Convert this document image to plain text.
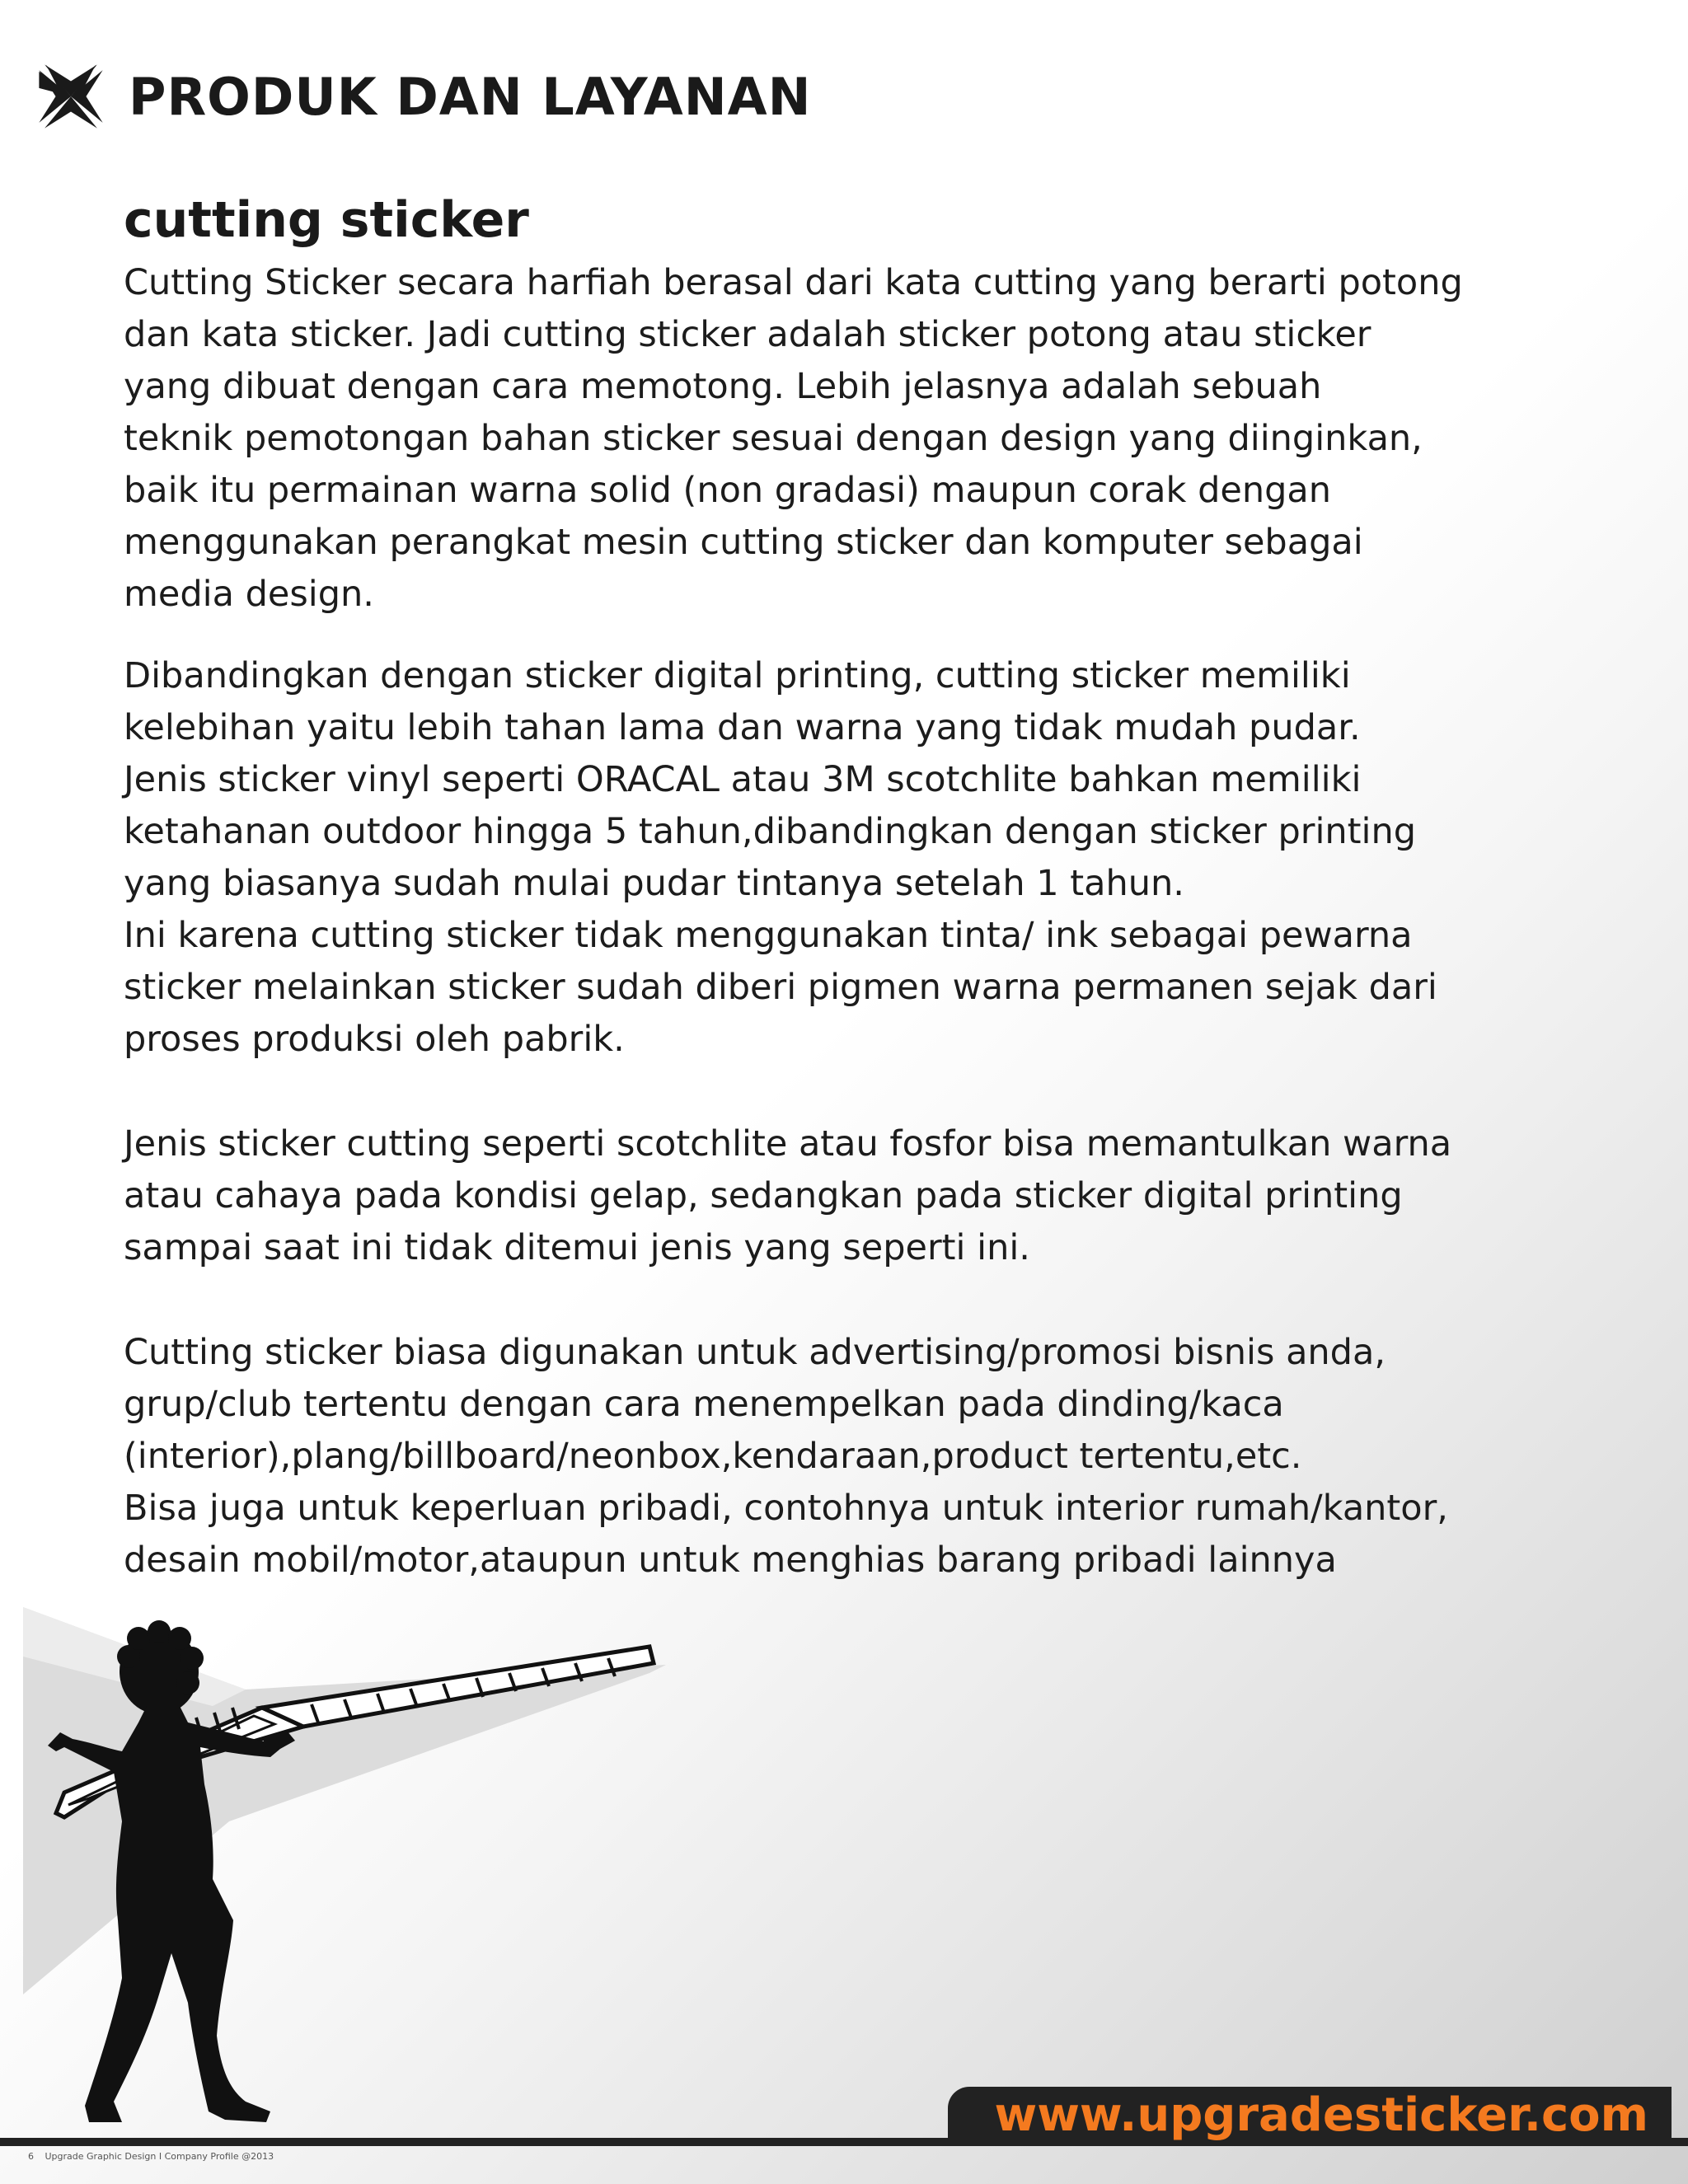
PRODUK DAN LAYANAN
cutting sticker

Cutting Sticker secara harfiah berasal dari kata cutting yang berarti potong
dan kata sticker. Jadi cutting sticker adalah sticker potong atau sticker
yang dibuat dengan cara memotong. Lebih jelasnya adalah sebuah
teknik pemotongan bahan sticker sesuai dengan design yang diinginkan,
baik itu permainan warna solid (non gradasi) maupun corak dengan
menggunakan perangkat mesin cutting sticker dan komputer sebagai
media design.

Dibandingkan dengan sticker digital printing, cutting sticker memiliki
kelebihan yaitu lebih tahan lama dan warna yang tidak mudah pudar.
Jenis sticker vinyl seperti ORACAL atau 3M scotchlite bahkan memiliki
ketahanan outdoor hingga 5 tahun,dibandingkan dengan sticker printing
yang biasanya sudah mulai pudar tintanya setelah 1 tahun.
Ini karena cutting sticker tidak menggunakan tinta/ ink sebagai pewarna
sticker melainkan sticker sudah diberi pigmen warna permanen sejak dari
proses produksi oleh pabrik.

Jenis sticker cutting seperti scotchlite atau fosfor bisa memantulkan warna
atau cahaya pada kondisi gelap, sedangkan pada sticker digital printing
sampai saat ini tidak ditemui jenis yang seperti ini.

Cutting sticker biasa digunakan untuk advertising/promosi bisnis anda,
grup/club tertentu dengan cara menempelkan pada dinding/kaca
(interior),plang/billboard/neonbox,kendaraan,product tertentu,etc.
Bisa juga untuk keperluan pribadi, contohnya untuk interior rumah/kantor,
desain mobil/motor,ataupun untuk menghias barang pribadi lainnya

www.upgradesticker.com
6 Upgrade Graphic Design I Company Profile @2013
